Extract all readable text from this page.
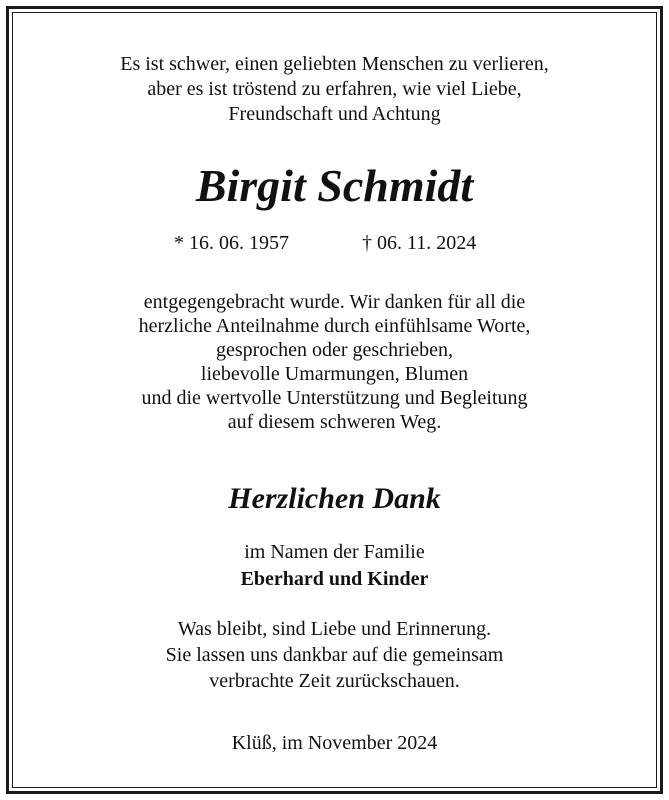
Es ist schwer, einen geliebten Menschen zu verlieren,
aber es ist tröstend zu erfahren, wie viel Liebe,
Freundschaft und Achtung
Birgit Schmidt
* 16. 06. 1957	† 06. 11. 2024
entgegengebracht wurde. Wir danken für all die
herzliche Anteilnahme durch einfühlsame Worte,
gesprochen oder geschrieben,
liebevolle Umarmungen, Blumen
und die wertvolle Unterstützung und Begleitung
auf diesem schweren Weg.
Herzlichen Dank
im Namen der Familie
Eberhard und Kinder
Was bleibt, sind Liebe und Erinnerung.
Sie lassen uns dankbar auf die gemeinsam
verbrachte Zeit zurückschauen.
Klüß, im November 2024
